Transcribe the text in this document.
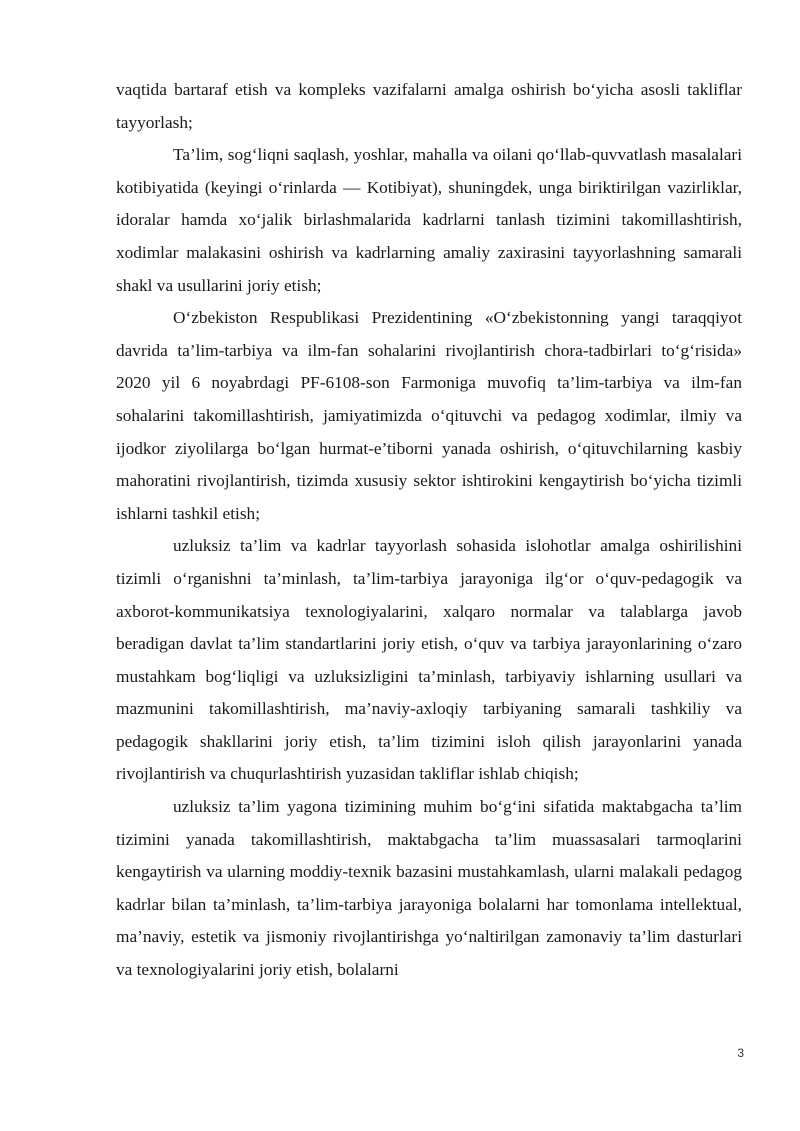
vaqtida bartaraf etish va kompleks vazifalarni amalga oshirish bo‘yicha asosli takliflar tayyorlash;

Ta’lim, sog‘liqni saqlash, yoshlar, mahalla va oilani qo‘llab-quvvatlash masalalari kotibiyatida (keyingi o‘rinlarda — Kotibiyat), shuningdek, unga biriktirilgan vazirliklar, idoralar hamda xo‘jalik birlashmalarida kadrlarni tanlash tizimini takomillashtirish, xodimlar malakasini oshirish va kadrlarning amaliy zaxirasini tayyorlashning samarali shakl va usullarini joriy etish;

O‘zbekiston Respublikasi Prezidentining «O‘zbekistonning yangi taraqqiyot davrida ta’lim-tarbiya va ilm-fan sohalarini rivojlantirish chora-tadbirlari to‘g‘risida» 2020 yil 6 noyabrdagi PF-6108-son Farmoniga muvofiq ta’lim-tarbiya va ilm-fan sohalarini takomillashtirish, jamiyatimizda o‘qituvchi va pedagog xodimlar, ilmiy va ijodkor ziyolilarga bo‘lgan hurmat-e’tiborni yanada oshirish, o‘qituvchilarning kasbiy mahoratini rivojlantirish, tizimda xususiy sektor ishtirokini kengaytirish bo‘yicha tizimli ishlarni tashkil etish;

uzluksiz ta’lim va kadrlar tayyorlash sohasida islohotlar amalga oshirilishini tizimli o‘rganishni ta’minlash, ta’lim-tarbiya jarayoniga ilg‘or o‘quv-pedagogik va axborot-kommunikatsiya texnologiyalarini, xalqaro normalar va talablarga javob beradigan davlat ta’lim standartlarini joriy etish, o‘quv va tarbiya jarayonlarining o‘zaro mustahkam bog‘liqligi va uzluksizligini ta’minlash, tarbiyaviy ishlarning usullari va mazmunini takomillashtirish, ma’naviy-axloqiy tarbiyaning samarali tashkiliy va pedagogik shakllarini joriy etish, ta’lim tizimini isloh qilish jarayonlarini yanada rivojlantirish va chuqurlashtirish yuzasidan takliflar ishlab chiqish;

uzluksiz ta’lim yagona tizimining muhim bo‘g‘ini sifatida maktabgacha ta’lim tizimini yanada takomillashtirish, maktabgacha ta’lim muassasalari tarmoqlarini kengaytirish va ularning moddiy-texnik bazasini mustahkamlash, ularni malakali pedagog kadrlar bilan ta’minlash, ta’lim-tarbiya jarayoniga bolalarni har tomonlama intellektual, ma’naviy, estetik va jismoniy rivojlantirishga yo‘naltirilgan zamonaviy ta’lim dasturlari va texnologiyalarini joriy etish, bolalarni

3
